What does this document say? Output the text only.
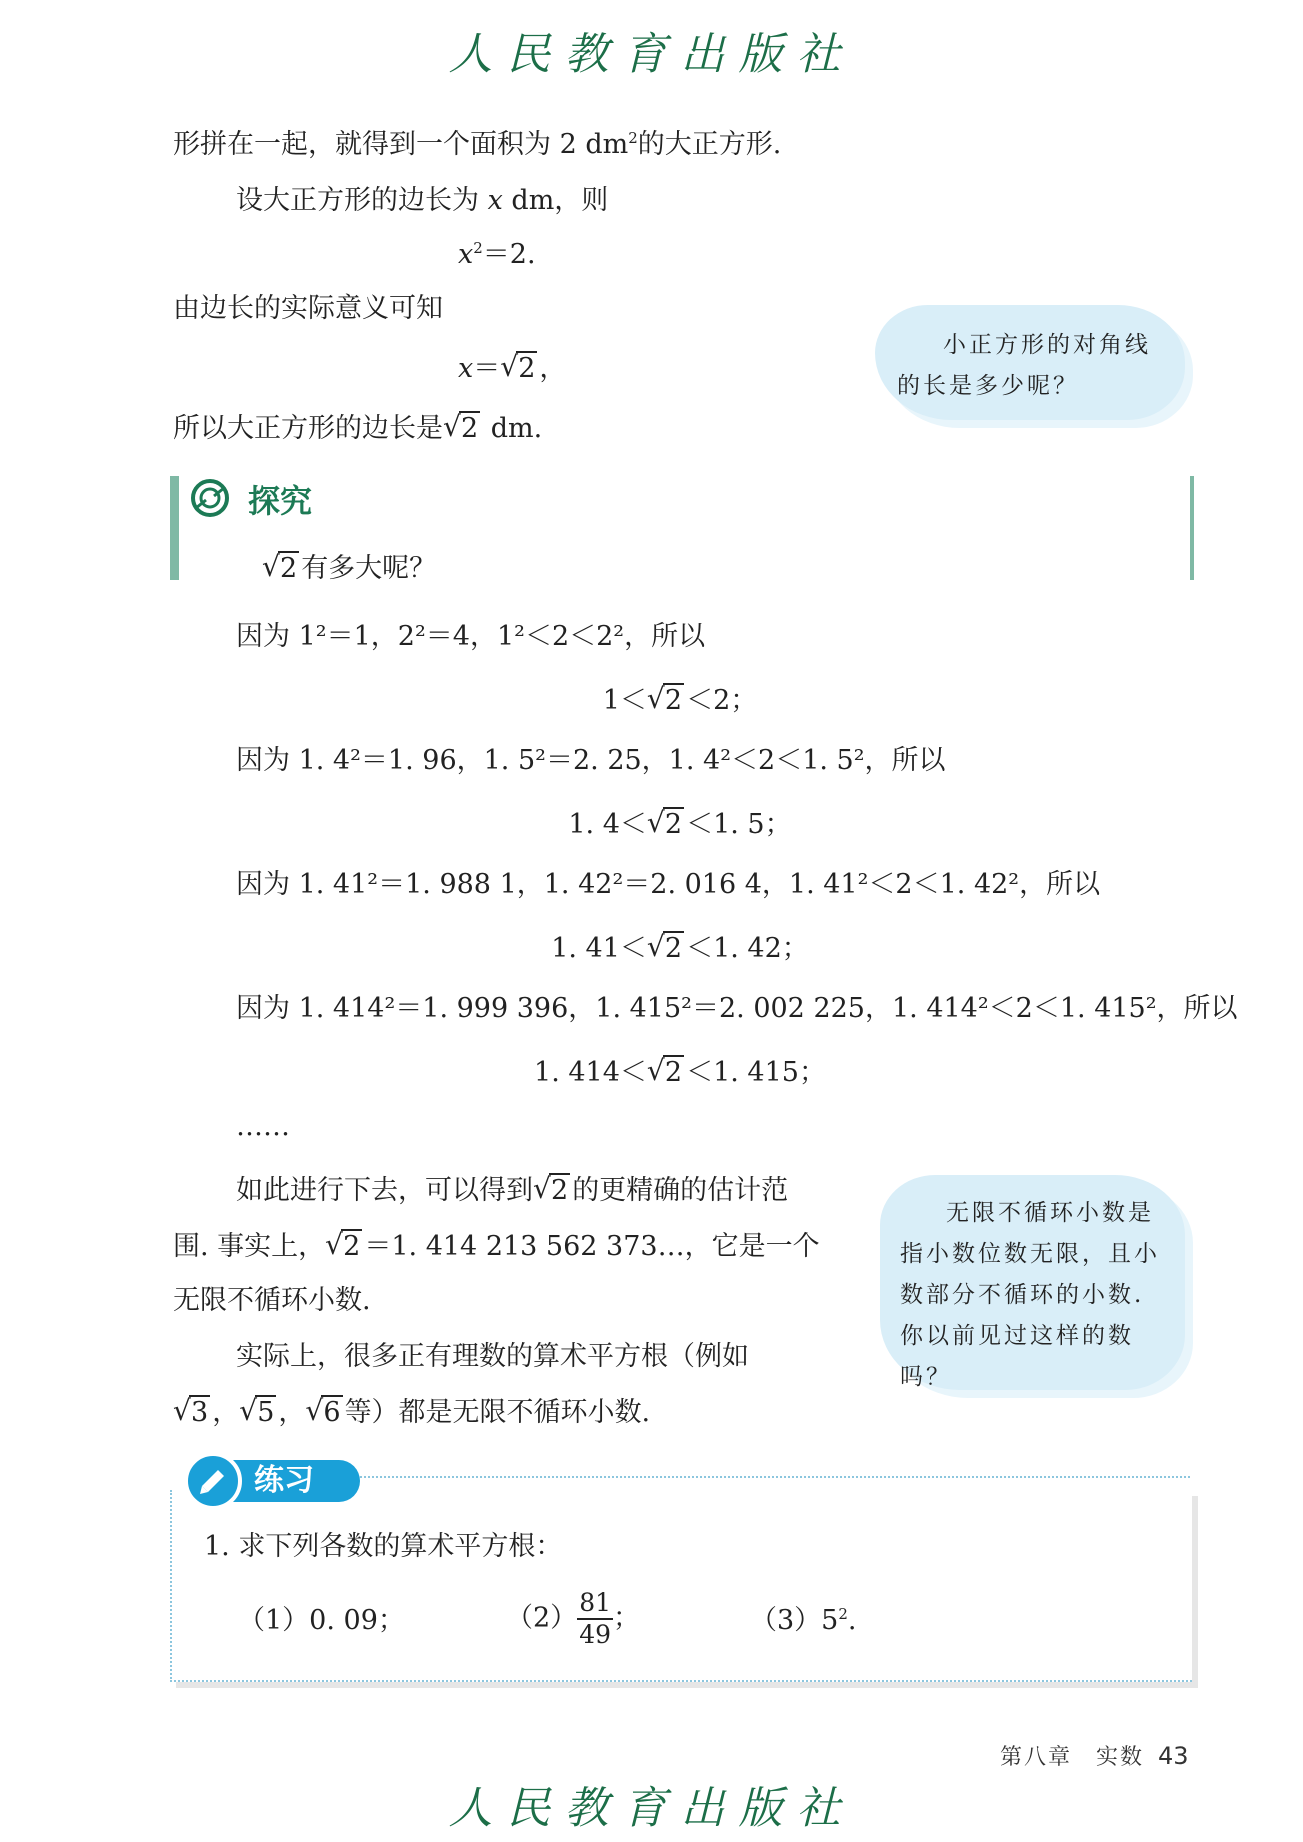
人民教育出版社
形拼在一起，就得到一个面积为 2 $dm^2$的大正方形.
设大正方形的边长为 x dm，则
$x^2=2$.
由边长的实际意义可知
x＝ √ 2 ，
所以大正方形的边长是 √ 2 dm.
小正方形的对角线的长是多少呢？
探究
√ 2 有多大呢？
因为 1²＝1，2²＝4，1²＜2＜2²，所以
1＜ √ 2 ＜2；
因为 1. 4²＝1. 96，1. 5²＝2. 25，1. 4²＜2＜1. 5²，所以
1. 4＜ √ 2 ＜1. 5；
因为 1. 41²＝1. 988 1，1. 42²＝2. 016 4，1. 41²＜2＜1. 42²，所以
1. 41＜ √ 2 ＜1. 42；
因为 1. 414²＝1. 999 396，1. 415²＝2. 002 225，1. 414²＜2＜1. 415²，所以
1. 414＜ √ 2 ＜1. 415；
……
如此进行下去，可以得到 √ 2 的更精确的估计范
围. 事实上， √ 2 ＝1. 414 213 562 373…，它是一个
无限不循环小数.
实际上，很多正有理数的算术平方根（例如
√ 3 ， √ 5 ， √ 6 等）都是无限不循环小数.
无限不循环小数是指小数位数无限，且小数部分不循环的小数. 你以前见过这样的数吗？
练习
1. 求下列各数的算术平方根：
（1）0. 09；	$(2) \frac{81}{49}$ ；	$(3)5^2$.
第八章　实数 43
人民教育出版社
